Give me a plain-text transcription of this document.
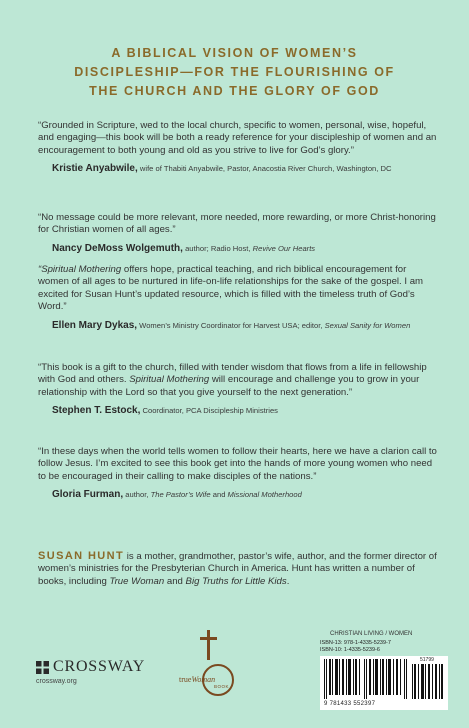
A BIBLICAL VISION OF WOMEN’S
DISCIPLESHIP—FOR THE FLOURISHING OF
THE CHURCH AND THE GLORY OF GOD

“Grounded in Scripture, wed to the local church, specific to women, personal, wise, hopeful, and engaging—this book will be both a ready reference for your discipleship of women and an encouragement to both young and old as you strive to live for God’s glory.”

Kristie Anyabwile, wife of Thabiti Anyabwile, Pastor, Anacostia River Church, Washington, DC

“No message could be more relevant, more needed, more rewarding, or more Christ-honoring for Christian women of all ages.”

Nancy DeMoss Wolgemuth, author; Radio Host, Revive Our Hearts

“Spiritual Mothering offers hope, practical teaching, and rich biblical encouragement for women of all ages to be nurtured in life-on-life relationships for the sake of the gospel. I am excited for Susan Hunt’s updated resource, which is filled with the timeless truth of God’s Word.”

Ellen Mary Dykas, Women’s Ministry Coordinator for Harvest USA; editor, Sexual Sanity for Women

“This book is a gift to the church, filled with tender wisdom that flows from a life in fellowship with God and others. Spiritual Mothering will encourage and challenge you to grow in your relationship with the Lord so that you give yourself to the next generation.”

Stephen T. Estock, Coordinator, PCA Discipleship Ministries

“In these days when the world tells women to follow their hearts, here we have a clarion call to follow Jesus. I’m excited to see this book get into the hands of more young women who need to be encouraged in their calling to make disciples of the nations.”

Gloria Furman, author, The Pastor’s Wife and Missional Motherhood

SUSAN HUNT is a mother, grandmother, pastor’s wife, author, and the former director of women’s ministries for the Presbyterian Church in America. Hunt has written a number of books, including True Woman and Big Truths for Little Kids.
CROSSWAY
crossway.org	trueWoman
BOOK
CHRISTIAN LIVING / WOMEN
ISBN-13: 978-1-4335-5239-7
ISBN-10: 1-4335-5239-6
51799
9 781433 552397
